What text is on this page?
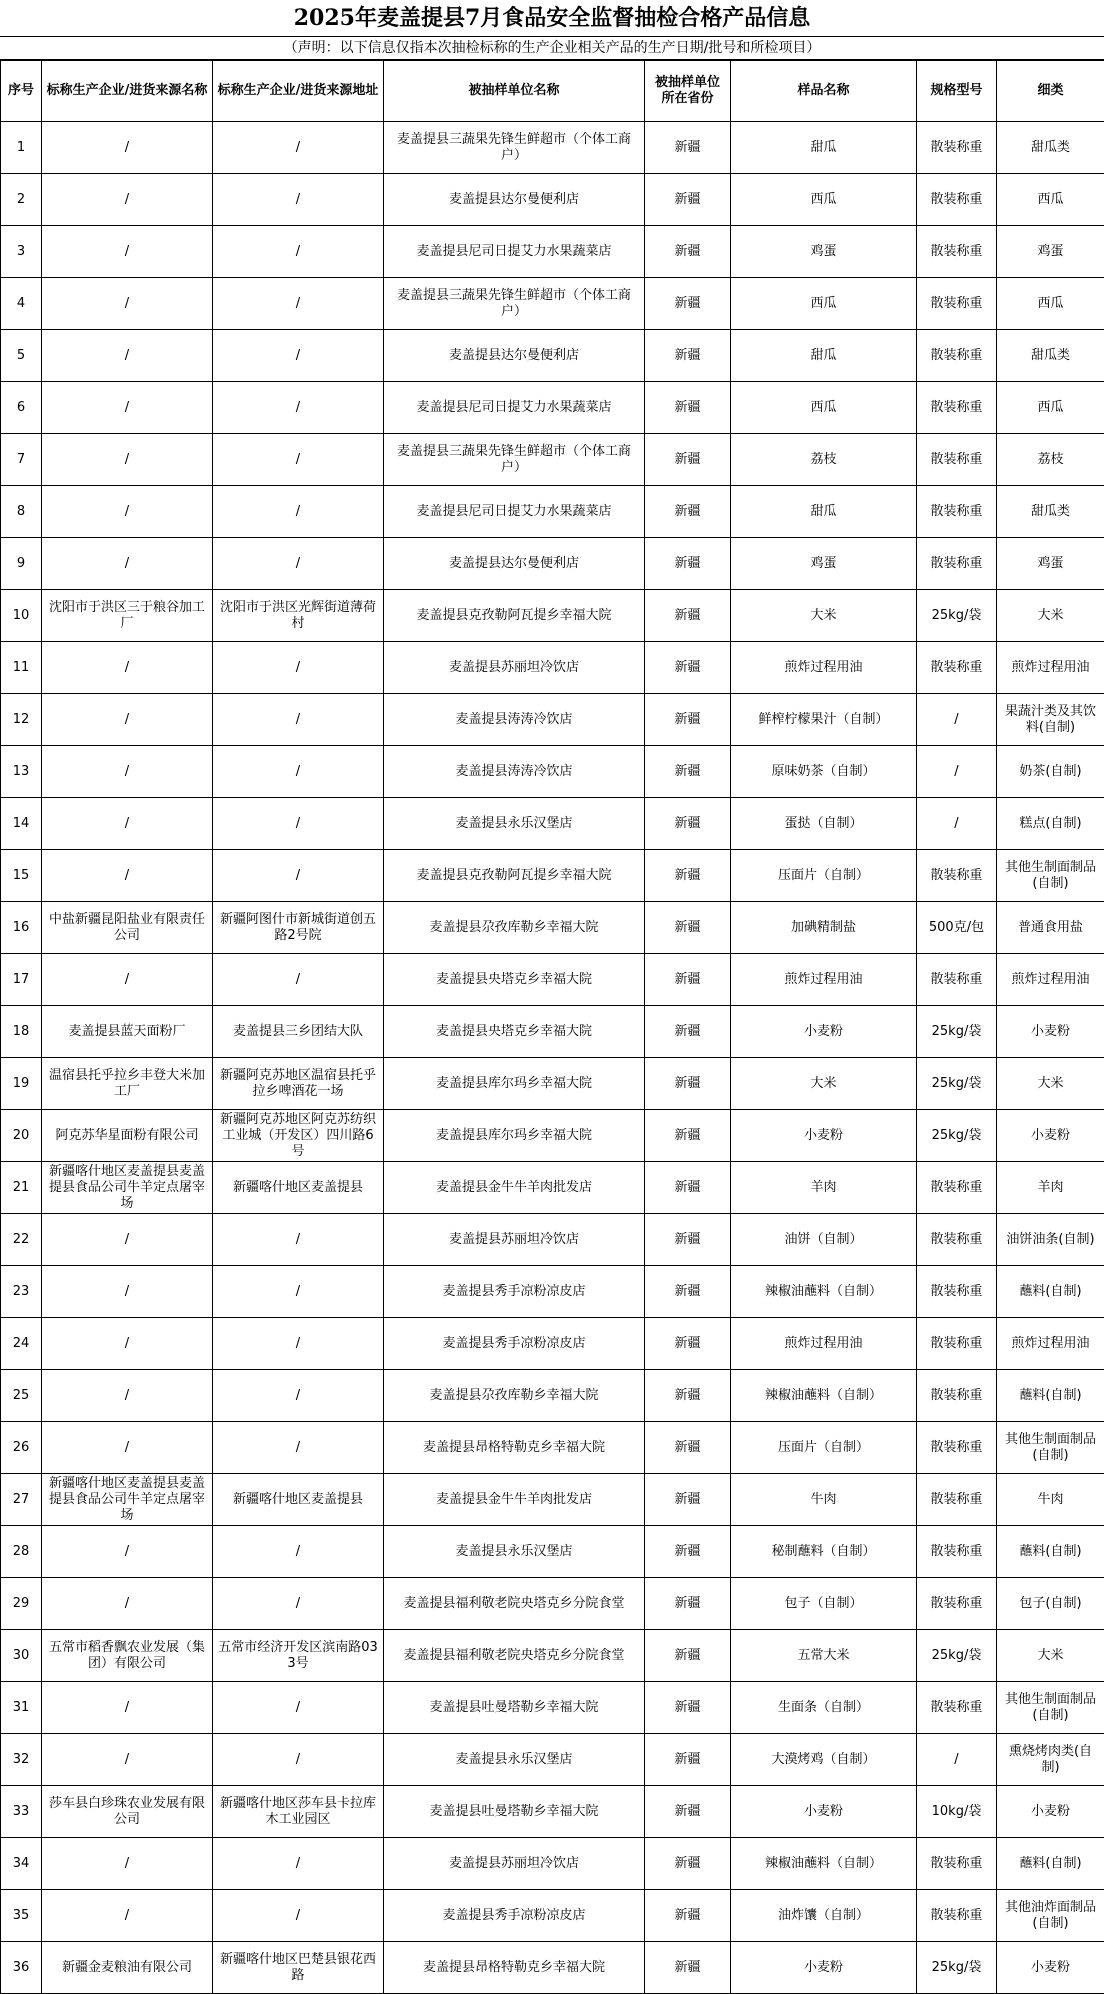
2025年麦盖提县7月食品安全监督抽检合格产品信息
（声明：以下信息仅指本次抽检标称的生产企业相关产品的生产日期/批号和所检项目）
序号	标称生产企业/进货来源名称	标称生产企业/进货来源地址	被抽样单位名称	被抽样单位所在省份	样品名称	规格型号	细类
1	/	/	麦盖提县三蔬果先锋生鲜超市（个体工商户）	新疆	甜瓜	散装称重	甜瓜类
2	/	/	麦盖提县达尔曼便利店	新疆	西瓜	散装称重	西瓜
3	/	/	麦盖提县尼司日提艾力水果蔬菜店	新疆	鸡蛋	散装称重	鸡蛋
4	/	/	麦盖提县三蔬果先锋生鲜超市（个体工商户）	新疆	西瓜	散装称重	西瓜
5	/	/	麦盖提县达尔曼便利店	新疆	甜瓜	散装称重	甜瓜类
6	/	/	麦盖提县尼司日提艾力水果蔬菜店	新疆	西瓜	散装称重	西瓜
7	/	/	麦盖提县三蔬果先锋生鲜超市（个体工商户）	新疆	荔枝	散装称重	荔枝
8	/	/	麦盖提县尼司日提艾力水果蔬菜店	新疆	甜瓜	散装称重	甜瓜类
9	/	/	麦盖提县达尔曼便利店	新疆	鸡蛋	散装称重	鸡蛋
10	沈阳市于洪区三于粮谷加工厂	沈阳市于洪区光辉街道薄荷村	麦盖提县克孜勒阿瓦提乡幸福大院	新疆	大米	25kg/袋	大米
11	/	/	麦盖提县苏丽坦冷饮店	新疆	煎炸过程用油	散装称重	煎炸过程用油
12	/	/	麦盖提县涛涛冷饮店	新疆	鲜榨柠檬果汁（自制）	/	果蔬汁类及其饮料(自制)
13	/	/	麦盖提县涛涛冷饮店	新疆	原味奶茶（自制）	/	奶茶(自制)
14	/	/	麦盖提县永乐汉堡店	新疆	蛋挞（自制）	/	糕点(自制)
15	/	/	麦盖提县克孜勒阿瓦提乡幸福大院	新疆	压面片（自制）	散装称重	其他生制面制品(自制)
16	中盐新疆昆阳盐业有限责任公司	新疆阿图什市新城街道创五路2号院	麦盖提县尕孜库勒乡幸福大院	新疆	加碘精制盐	500克/包	普通食用盐
17	/	/	麦盖提县央塔克乡幸福大院	新疆	煎炸过程用油	散装称重	煎炸过程用油
18	麦盖提县蓝天面粉厂	麦盖提县三乡团结大队	麦盖提县央塔克乡幸福大院	新疆	小麦粉	25kg/袋	小麦粉
19	温宿县托乎拉乡丰登大米加工厂	新疆阿克苏地区温宿县托乎拉乡啤酒花一场	麦盖提县库尔玛乡幸福大院	新疆	大米	25kg/袋	大米
20	阿克苏华星面粉有限公司	新疆阿克苏地区阿克苏纺织工业城（开发区）四川路6号	麦盖提县库尔玛乡幸福大院	新疆	小麦粉	25kg/袋	小麦粉
21	新疆喀什地区麦盖提县麦盖提县食品公司牛羊定点屠宰场	新疆喀什地区麦盖提县	麦盖提县金牛牛羊肉批发店	新疆	羊肉	散装称重	羊肉
22	/	/	麦盖提县苏丽坦冷饮店	新疆	油饼（自制）	散装称重	油饼油条(自制)
23	/	/	麦盖提县秀手凉粉凉皮店	新疆	辣椒油蘸料（自制）	散装称重	蘸料(自制)
24	/	/	麦盖提县秀手凉粉凉皮店	新疆	煎炸过程用油	散装称重	煎炸过程用油
25	/	/	麦盖提县尕孜库勒乡幸福大院	新疆	辣椒油蘸料（自制）	散装称重	蘸料(自制)
26	/	/	麦盖提县昂格特勒克乡幸福大院	新疆	压面片（自制）	散装称重	其他生制面制品(自制)
27	新疆喀什地区麦盖提县麦盖提县食品公司牛羊定点屠宰场	新疆喀什地区麦盖提县	麦盖提县金牛牛羊肉批发店	新疆	牛肉	散装称重	牛肉
28	/	/	麦盖提县永乐汉堡店	新疆	秘制蘸料（自制）	散装称重	蘸料(自制)
29	/	/	麦盖提县福利敬老院央塔克乡分院食堂	新疆	包子（自制）	散装称重	包子(自制)
30	五常市稻香飘农业发展（集团）有限公司	五常市经济开发区滨南路033号	麦盖提县福利敬老院央塔克乡分院食堂	新疆	五常大米	25kg/袋	大米
31	/	/	麦盖提县吐曼塔勒乡幸福大院	新疆	生面条（自制）	散装称重	其他生制面制品(自制)
32	/	/	麦盖提县永乐汉堡店	新疆	大漠烤鸡（自制）	/	熏烧烤肉类(自制)
33	莎车县白珍珠农业发展有限公司	新疆喀什地区莎车县卡拉库木工业园区	麦盖提县吐曼塔勒乡幸福大院	新疆	小麦粉	10kg/袋	小麦粉
34	/	/	麦盖提县苏丽坦冷饮店	新疆	辣椒油蘸料（自制）	散装称重	蘸料(自制)
35	/	/	麦盖提县秀手凉粉凉皮店	新疆	油炸馕（自制）	散装称重	其他油炸面制品(自制)
36	新疆金麦粮油有限公司	新疆喀什地区巴楚县银花西路	麦盖提县昂格特勒克乡幸福大院	新疆	小麦粉	25kg/袋	小麦粉
